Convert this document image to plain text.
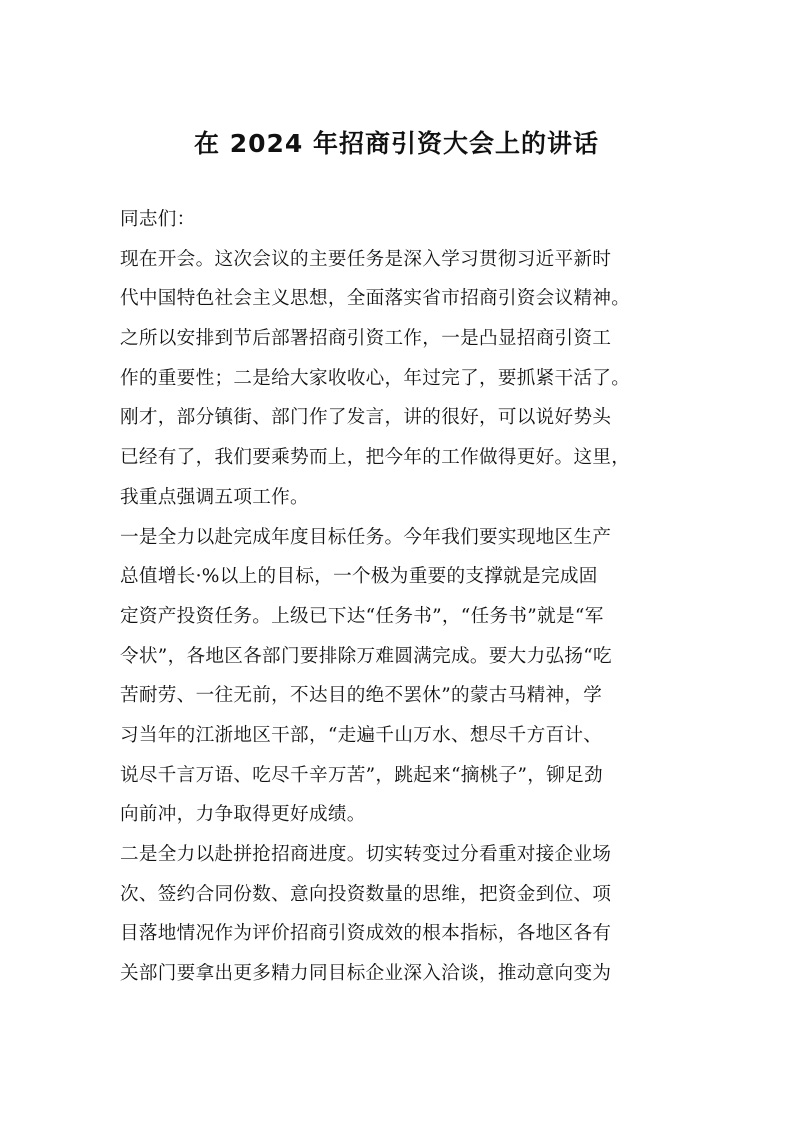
在 2024 年招商引资大会上的讲话
同志们：
现在开会。这次会议的主要任务是深入学习贯彻习近平新时
代中国特色社会主义思想，全面落实省市招商引资会议精神。
之所以安排到节后部署招商引资工作，一是凸显招商引资工
作的重要性；二是给大家收收心，年过完了，要抓紧干活了。
刚才，部分镇街、部门作了发言，讲的很好，可以说好势头
已经有了，我们要乘势而上，把今年的工作做得更好。这里，
我重点强调五项工作。
一是全力以赴完成年度目标任务。今年我们要实现地区生产
总值增长·%以上的目标，一个极为重要的支撑就是完成固
定资产投资任务。上级已下达“任务书”，“任务书”就是“军
令状”，各地区各部门要排除万难圆满完成。要大力弘扬“吃
苦耐劳、一往无前，不达目的绝不罢休”的蒙古马精神，学
习当年的江浙地区干部，“走遍千山万水、想尽千方百计、
说尽千言万语、吃尽千辛万苦”，跳起来“摘桃子”，铆足劲
向前冲，力争取得更好成绩。
二是全力以赴拼抢招商进度。切实转变过分看重对接企业场
次、签约合同份数、意向投资数量的思维，把资金到位、项
目落地情况作为评价招商引资成效的根本指标，各地区各有
关部门要拿出更多精力同目标企业深入洽谈，推动意向变为
